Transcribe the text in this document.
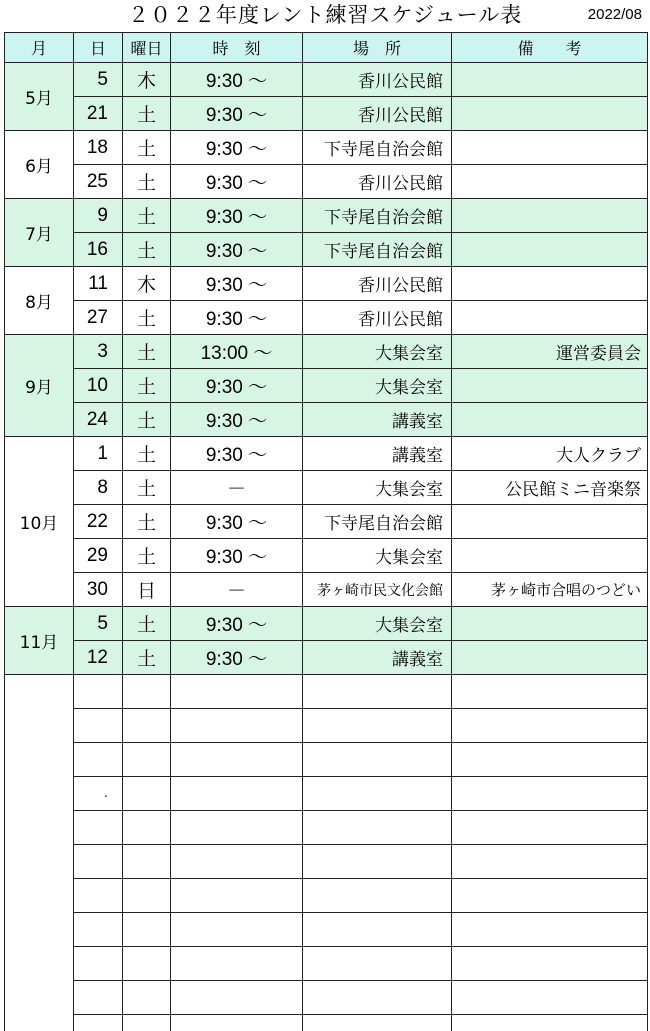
２０２２年度レント練習スケジュール表	2022/08
月	日	曜日	時　刻	場　所	備　　考
5月	5	木	9:30 ～	香川公民館	
	21	土	9:30 ～	香川公民館	
6月	18	土	9:30 ～	下寺尾自治会館	
	25	土	9:30 ～	香川公民館	
7月	9	土	9:30 ～	下寺尾自治会館	
	16	土	9:30 ～	下寺尾自治会館	
8月	11	木	9:30 ～	香川公民館	
	27	土	9:30 ～	香川公民館	
9月	3	土	13:00 ～	大集会室	運営委員会
	10	土	9:30 ～	大集会室	
	24	土	9:30 ～	講義室	
10月	1	土	9:30 ～	講義室	大人クラブ
	8	土	－	大集会室	公民館ミニ音楽祭
	22	土	9:30 ～	下寺尾自治会館	
	29	土	9:30 ～	大集会室	
	30	日	－	茅ヶ崎市民文化会館	茅ヶ崎市合唱のつどい
11月	5	土	9:30 ～	大集会室	
	12	土	9:30 ～	講義室	

.
